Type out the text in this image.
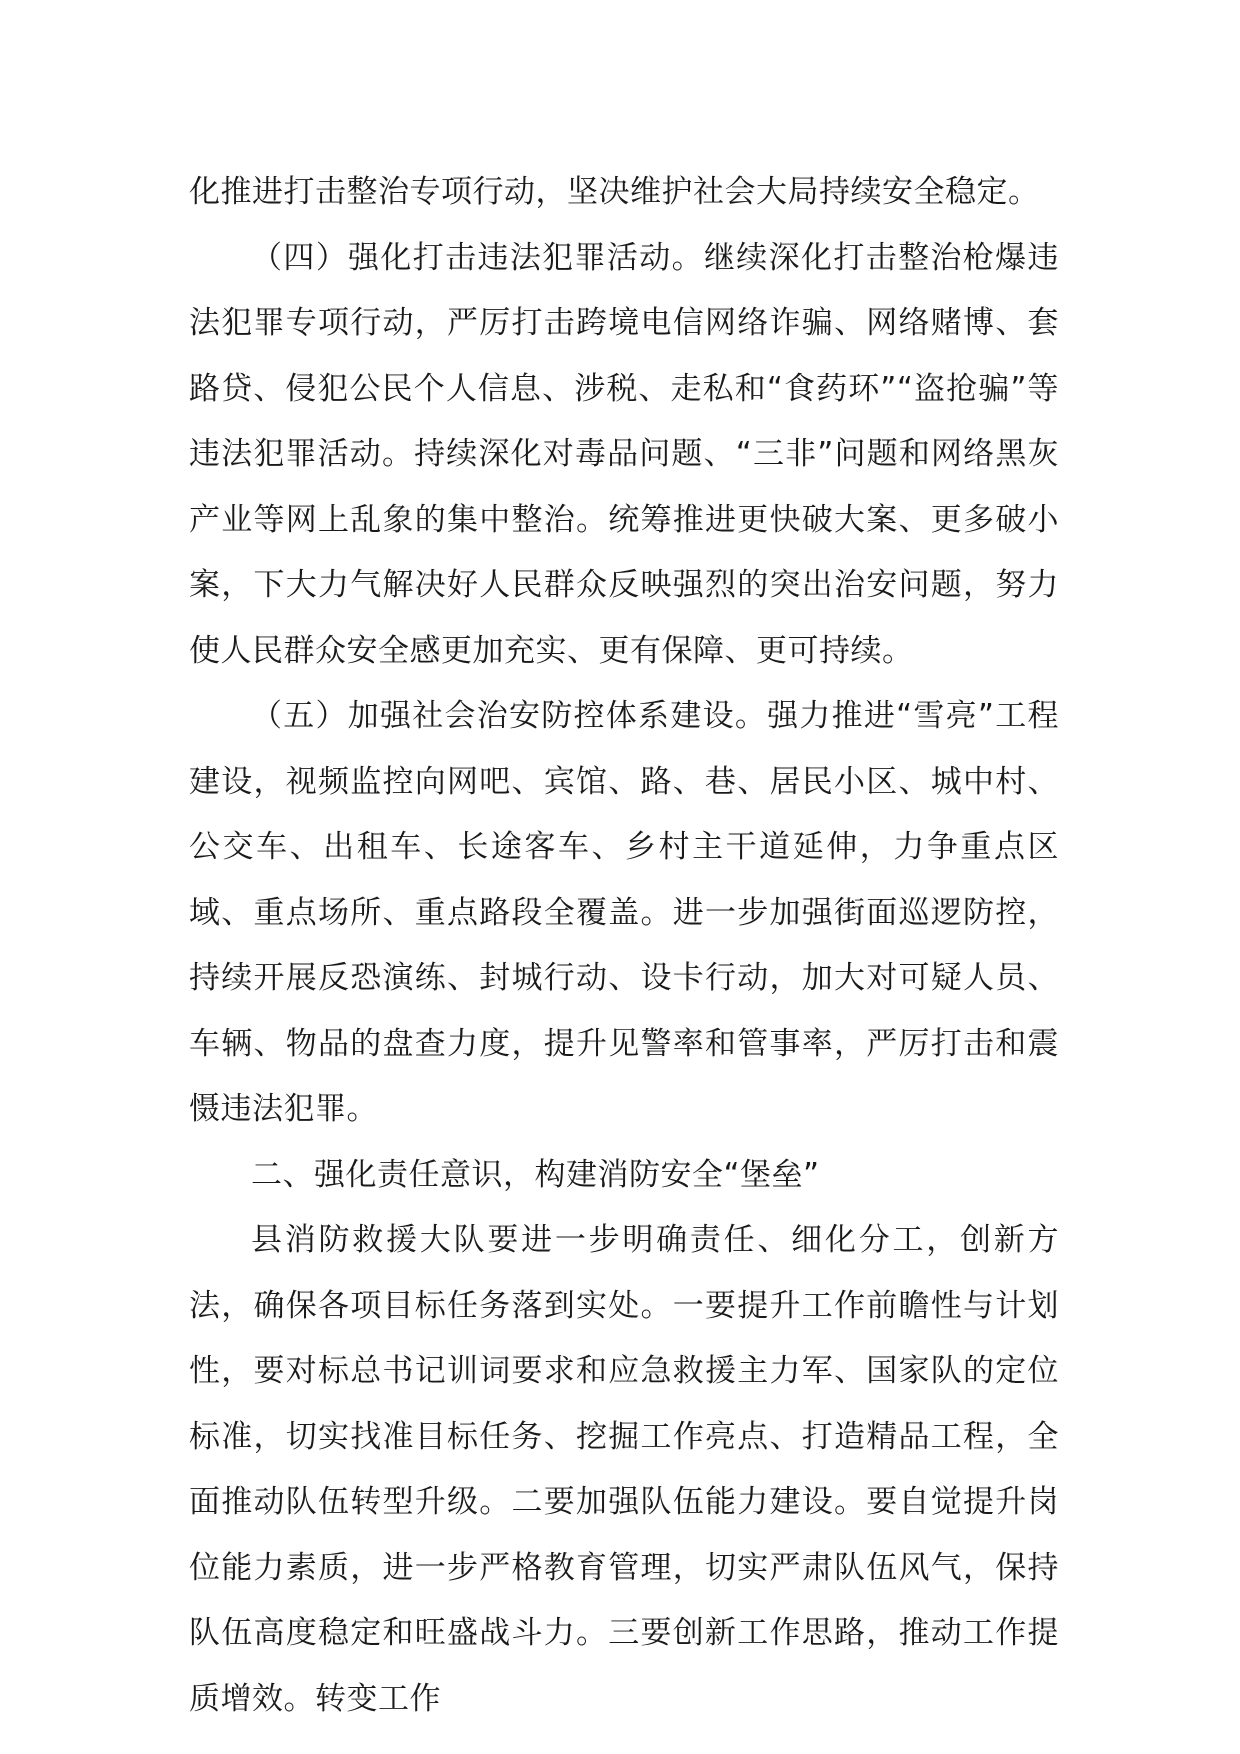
化推进打击整治专项行动，坚决维护社会大局持续安全稳定。

（四）强化打击违法犯罪活动。继续深化打击整治枪爆违法犯罪专项行动，严厉打击跨境电信网络诈骗、网络赌博、套路贷、侵犯公民个人信息、涉税、走私和“食药环”“盗抢骗”等违法犯罪活动。持续深化对毒品问题、“三非”问题和网络黑灰产业等网上乱象的集中整治。统筹推进更快破大案、更多破小案，下大力气解决好人民群众反映强烈的突出治安问题，努力使人民群众安全感更加充实、更有保障、更可持续。

（五）加强社会治安防控体系建设。强力推进“雪亮”工程建设，视频监控向网吧、宾馆、路、巷、居民小区、城中村、公交车、出租车、长途客车、乡村主干道延伸，力争重点区域、重点场所、重点路段全覆盖。进一步加强街面巡逻防控，持续开展反恐演练、封城行动、设卡行动，加大对可疑人员、车辆、物品的盘查力度，提升见警率和管事率，严厉打击和震慑违法犯罪。

二、强化责任意识，构建消防安全“堡垒”

县消防救援大队要进一步明确责任、细化分工，创新方法，确保各项目标任务落到实处。一要提升工作前瞻性与计划性，要对标总书记训词要求和应急救援主力军、国家队的定位标准，切实找准目标任务、挖掘工作亮点、打造精品工程，全面推动队伍转型升级。二要加强队伍能力建设。要自觉提升岗位能力素质，进一步严格教育管理，切实严肃队伍风气，保持队伍高度稳定和旺盛战斗力。三要创新工作思路，推动工作提质增效。转变工作
